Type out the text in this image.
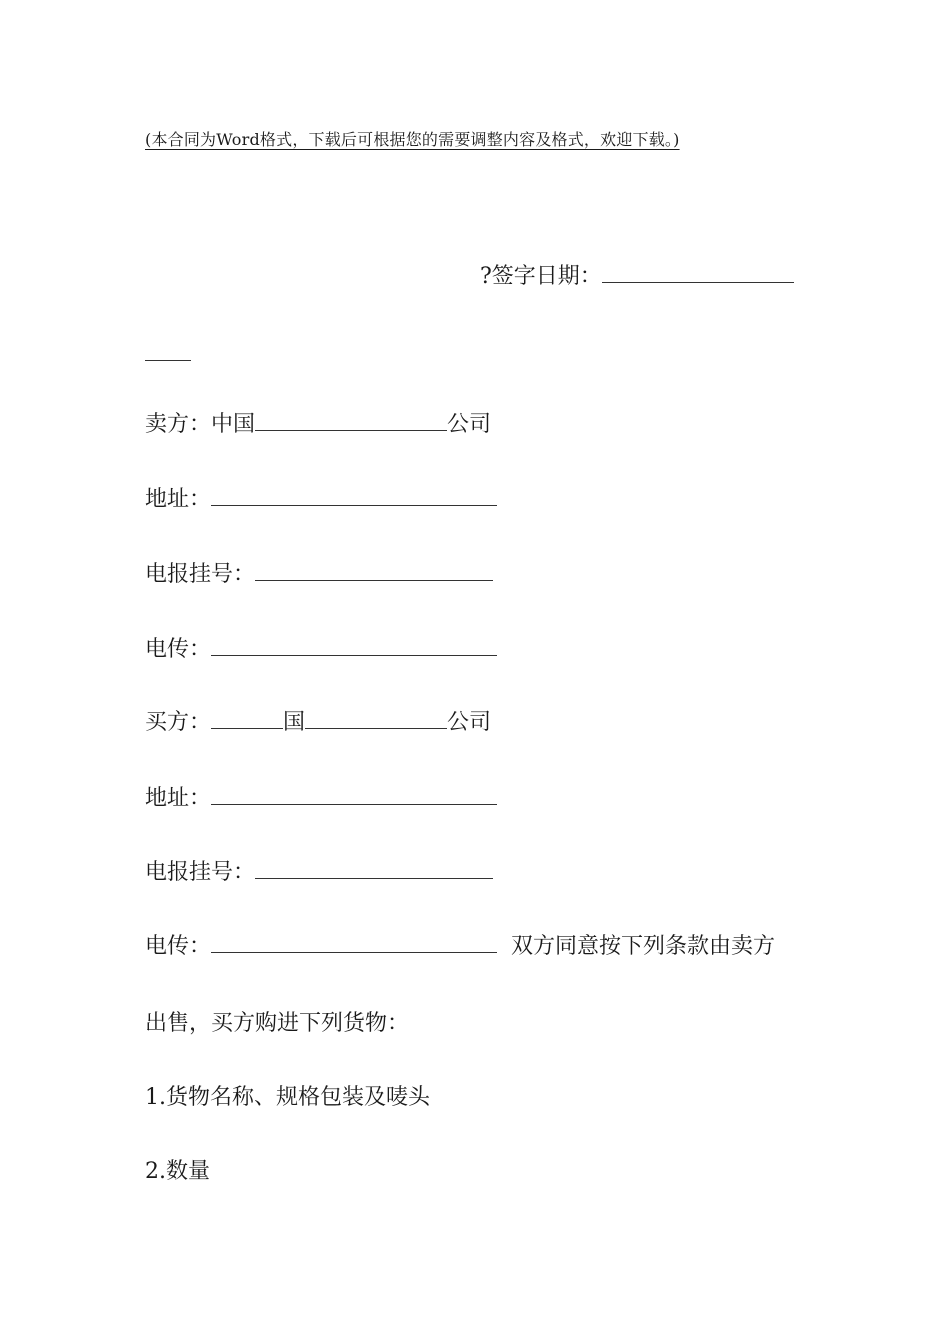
(本合同为Word格式，下载后可根据您的需要调整内容及格式，欢迎下载。)
?签字日期：
卖方：中国	公司
地址：
电报挂号：
电传：
买方：	国	公司
地址：
电报挂号：
电传：	双方同意按下列条款由卖方
出售，买方购进下列货物：
1.货物名称、规格包装及唛头
2.数量
